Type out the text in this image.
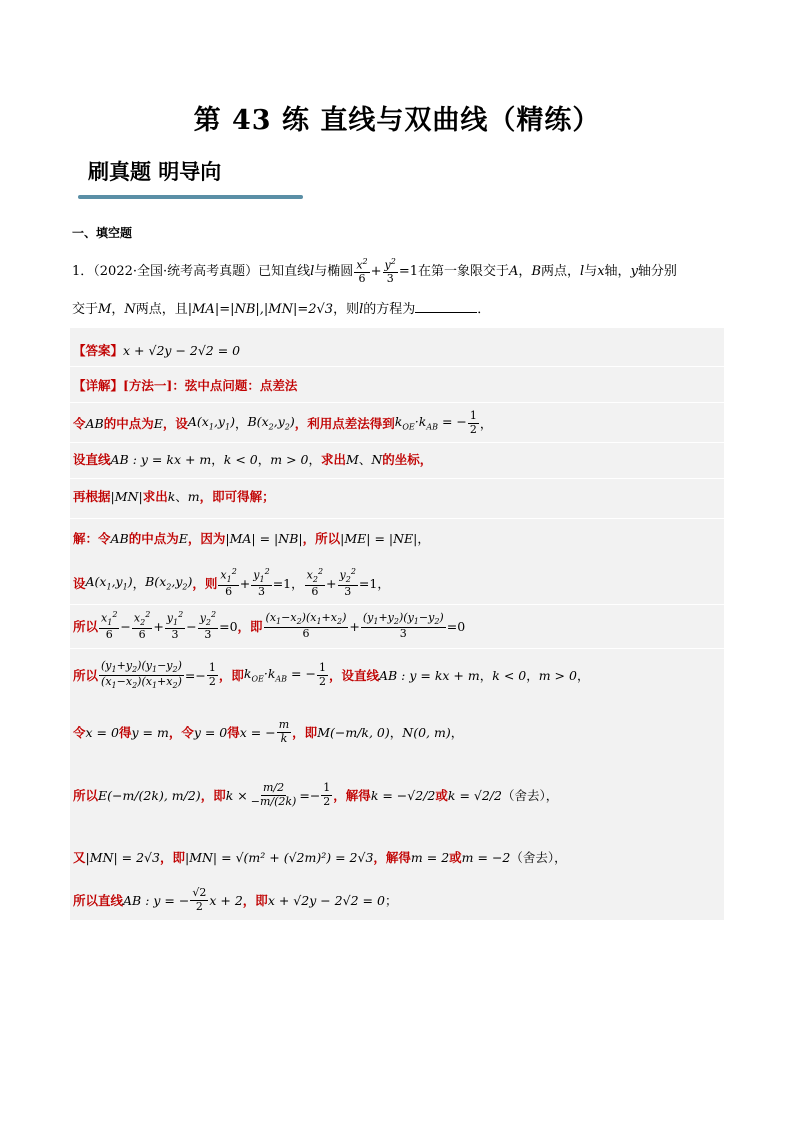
第 43 练 直线与双曲线（精练）
刷真题 明导向
一、填空题
1．（2022·全国·统考高考真题）已知直线l与椭圆 $\frac{x^2}{6} + \frac{y^2}{3} =1$在第一象限交于A，B两点，l与x轴，y轴分别
交于M，N两点，且|MA|=|NB|,|MN|=2√3，则l的方程为	．
【答案】 x + √2y − 2√2 = 0
【详解】 [方法一]：弦中点问题：点差法
令 AB 的中点为 E ，设 $A(x_1,y_1)$ ， $B(x_2,y_2)$ ，利用点差法得到 $k_{OE}\cdot k_{AB}$ = − $\frac{1}{2}$ ，
设直线 AB : y = kx + m ， k < 0 ， m > 0 ， 求出 M 、 N 的坐标，
再根据 |MN| 求出 k 、 m ，即可得解；
解：令 AB 的中点为 E ，因为 |MA| = |NB| ，所以 |ME| = |NE| ，
设 $A(x_1,y_1)$ ， $B(x_2,y_2)$ ，则 $\frac{x_1^2}{6} + \frac{y_1^2}{3} =1$， $\frac{x_2^2}{6} + \frac{y_2^2}{3} =1$，
所以 $\frac{x_1^2}{6} - \frac{x_2^2}{6} + \frac{y_1^2}{3} - \frac{y_2^2}{3} =0$ ，即 $\frac{(x_1-x_2)(x_1+x_2)}{6} + \frac{(y_1+y_2)(y_1-y_2)}{3} =0$
所以 $\frac{(y_1+y_2)(y_1-y_2)}{(x_1-x_2)(x_1+x_2)} =- \frac{1}{2}$ ，即 $k_{OE}\cdot k_{AB}$ = − $\frac{1}{2}$ ，设直线 AB : y = kx + m ， k < 0 ， m > 0 ，
令 x = 0 得 y = m ，令 y = 0 得 x = − $\frac{m}{k}$ ，即 M(−m/k, 0) ， N(0, m) ，
所以 E(−m/(2k), m/2) ，即 $k \times \frac{m/2}{-m/(2k)} =- \frac{1}{2}$ ，解得 k = −√2/2 或 k = √2/2 （舍去），
又 |MN| = 2√3 ，即 |MN| = √(m² + (√2m)²) = 2√3 ，解得 m = 2 或 m = −2 （舍去），
所以直线 AB : y = − $\frac{√2}{2}$ x + 2 ，即 x + √2y − 2√2 = 0 ；
